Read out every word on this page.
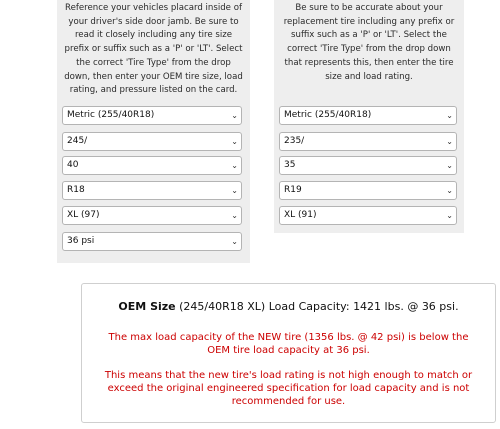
Reference your vehicles placard inside of your driver's side door jamb. Be sure to read it closely including any tire size prefix or suffix such as a 'P' or 'LT'. Select the correct 'Tire Type' from the drop down, then enter your OEM tire size, load rating, and pressure listed on the card.

Be sure to be accurate about your replacement tire including any prefix or suffix such as a 'P' or 'LT'. Select the correct 'Tire Type' from the drop down that represents this, then enter the tire size and load rating.

Metric (255/40R18)	⌄
245/	⌄
40	⌄
R18	⌄
XL (97)	⌄
36 psi	⌄
Metric (255/40R18)	⌄
235/	⌄
35	⌄
R19	⌄
XL (91)	⌄
OEM Size (245/40R18 XL) Load Capacity: 1421 lbs. @ 36 psi.
The max load capacity of the NEW tire (1356 lbs. @ 42 psi) is below the OEM tire load capacity at 36 psi.
This means that the new tire's load rating is not high enough to match or exceed the original engineered specification for load capacity and is not recommended for use.
